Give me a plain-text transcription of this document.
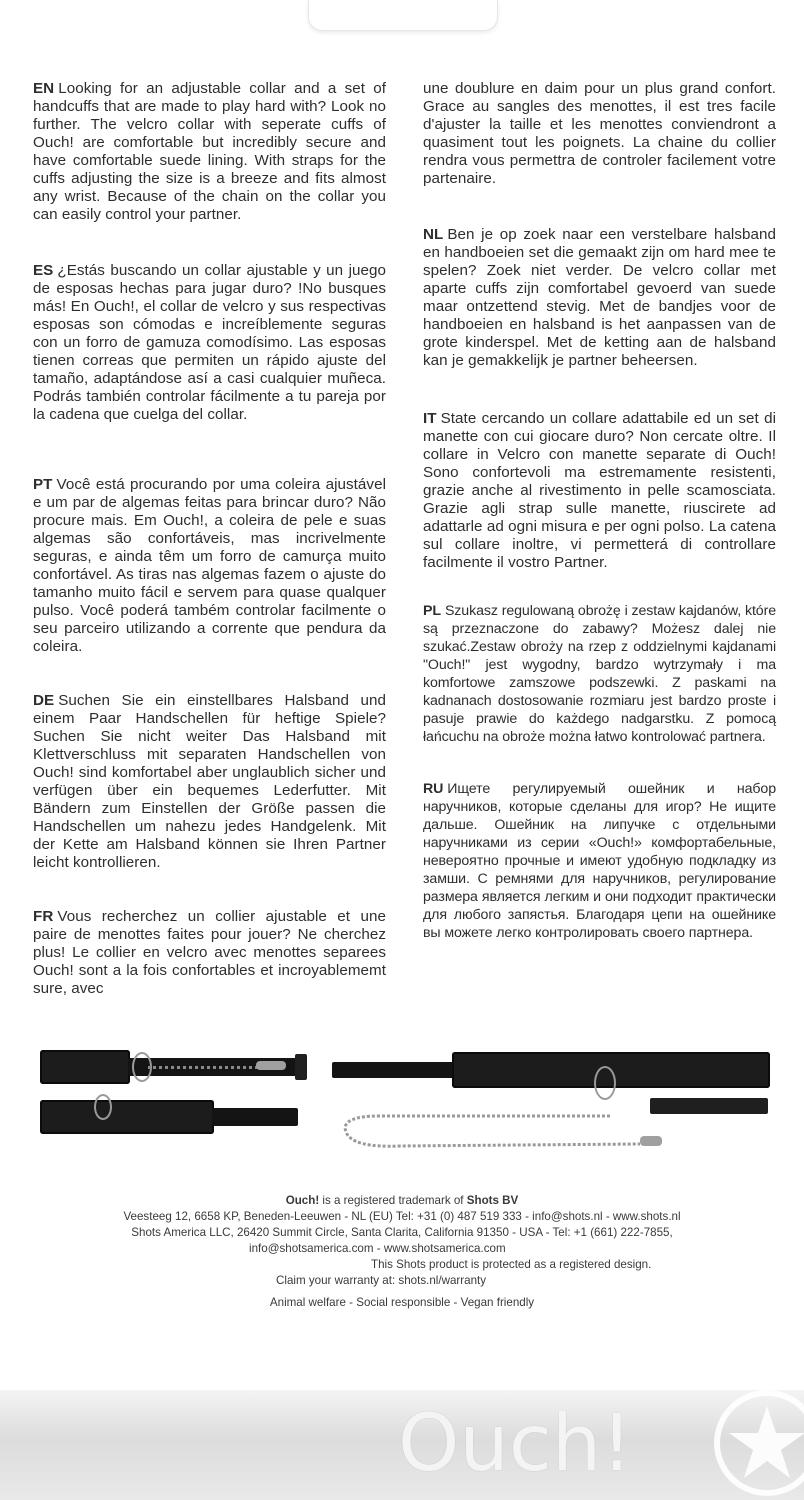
EN Looking for an adjustable collar and a set of handcuffs that are made to play hard with? Look no further. The velcro collar with seperate cuffs of Ouch! are comfortable but incredibly secure and have comfortable suede lining. With straps for the cuffs adjusting the size is a breeze and fits almost any wrist. Because of the chain on the collar you can easily control your partner.

ES ¿Estás buscando un collar ajustable y un juego de esposas hechas para jugar duro? !No busques más! En Ouch!, el collar de velcro y sus respectivas esposas son cómodas e increíblemente seguras con un forro de gamuza comodísimo. Las esposas tienen correas que permiten un rápido ajuste del tamaño, adaptándose así a casi cualquier muñeca. Podrás también controlar fácilmente a tu pareja por la cadena que cuelga del collar.

PT Você está procurando por uma coleira ajustável e um par de algemas feitas para brincar duro? Não procure mais. Em Ouch!, a coleira de pele e suas algemas são confortáveis, mas incrivelmente seguras, e ainda têm um forro de camurça muito confortável. As tiras nas algemas fazem o ajuste do tamanho muito fácil e servem para quase qualquer pulso. Você poderá também controlar facilmente o seu parceiro utilizando a corrente que pendura da coleira.

DE Suchen Sie ein einstellbares Halsband und einem Paar Handschellen für heftige Spiele? Suchen Sie nicht weiter Das Halsband mit Klettverschluss mit separaten Handschellen von Ouch! sind komfortabel aber unglaublich sicher und verfügen über ein bequemes Lederfutter. Mit Bändern zum Einstellen der Größe passen die Handschellen um nahezu jedes Handgelenk. Mit der Kette am Halsband können sie Ihren Partner leicht kontrollieren.

FR Vous recherchez un collier ajustable et une paire de menottes faites pour jouer? Ne cherchez plus! Le collier en velcro avec menottes separees Ouch! sont a la fois confortables et incroyablememt sure, avec

une doublure en daim pour un plus grand confort. Grace au sangles des menottes, il est tres facile d'ajuster la taille et les menottes conviendront a quasiment tout les poignets. La chaine du collier rendra vous permettra de controler facilement votre partenaire.

NL Ben je op zoek naar een verstelbare halsband en handboeien set die gemaakt zijn om hard mee te spelen? Zoek niet verder. De velcro collar met aparte cuffs zijn comfortabel gevoerd van suede maar ontzettend stevig. Met de bandjes voor de handboeien en halsband is het aanpassen van de grote kinderspel. Met de ketting aan de halsband kan je gemakkelijk je partner beheersen.

IT State cercando un collare adattabile ed un set di manette con cui giocare duro? Non cercate oltre. Il collare in Velcro con manette separate di Ouch! Sono confortevoli ma estremamente resistenti, grazie anche al rivestimento in pelle scamosciata. Grazie agli strap sulle manette, riuscirete ad adattarle ad ogni misura e per ogni polso. La catena sul collare inoltre, vi permetterá di controllare facilmente il vostro Partner.

PL Szukasz regulowaną obrożę i zestaw kajdanów, które są przeznaczone do zabawy? Możesz dalej nie szukać.Zestaw obroży na rzep z oddzielnymi kajdanami "Ouch!" jest wygodny, bardzo wytrzymały i ma komfortowe zamszowe podszewki. Z paskami na kadnanach dostosowanie rozmiaru jest bardzo proste i pasuje prawie do każdego nadgarstku. Z pomocą łańcuchu na obroże można łatwo kontrolować partnera.

RU Ищете регулируемый ошейник и набор наручников, которые сделаны для игор? Не ищите дальше. Ошейник на липучке с отдельными наручниками из серии «Ouch!» комфортабельные, невероятно прочные и имеют удобную подкладку из замши. С ремнями для наручников, регулирование размера является легким и они подходит практически для любого запястья. Благодаря цепи на ошейнике вы можете легко контролировать своего партнера.

Ouch! is a registered trademark of Shots BV
Veesteeg 12, 6658 KP, Beneden-Leeuwen - NL (EU) Tel: +31 (0) 487 519 333 - info@shots.nl - www.shots.nl
Shots America LLC, 26420 Summit Circle, Santa Clarita, California 91350 - USA - Tel: +1 (661) 222-7855,
info@shotsamerica.com - www.shotsamerica.com
This Shots product is protected as a registered design.
Claim your warranty at: shots.nl/warranty
Animal welfare - Social responsible - Vegan friendly
Ouch!
